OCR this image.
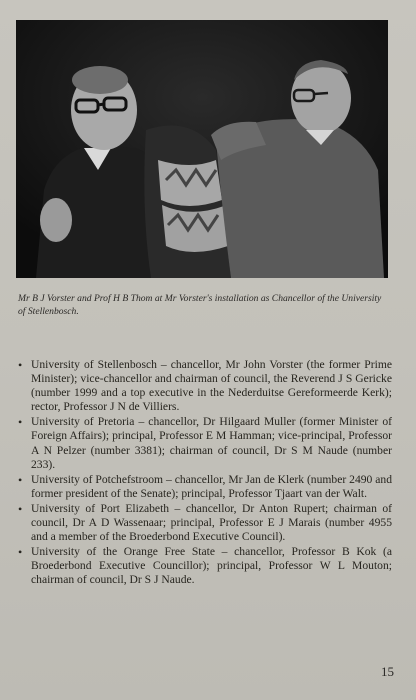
Mr B J Vorster and Prof H B Thom at Mr Vorster's installation as Chancellor of the University of Stellenbosch.

• University of Stellenbosch – chancellor, Mr John Vorster (the former Prime Minister); vice-chancellor and chairman of council, the Reverend J S Gericke (number 1999 and a top executive in the Nederduitse Gereformeerde Kerk); rector, Professor J N de Villiers.
• University of Pretoria – chancellor, Dr Hilgaard Muller (former Minister of Foreign Affairs); principal, Professor E M Hamman; vice-principal, Professor A N Pelzer (number 3381); chairman of council, Dr S M Naude (number 233).
• University of Potchefstroom – chancellor, Mr Jan de Klerk (number 2490 and former president of the Senate); principal, Professor Tjaart van der Walt.
• University of Port Elizabeth – chancellor, Dr Anton Rupert; chairman of council, Dr A D Wassenaar; principal, Professor E J Marais (number 4955 and a member of the Broederbond Executive Council).
• University of the Orange Free State – chancellor, Professor B Kok (a Broederbond Executive Councillor); principal, Professor W L Mouton; chairman of council, Dr S J Naude.
15
